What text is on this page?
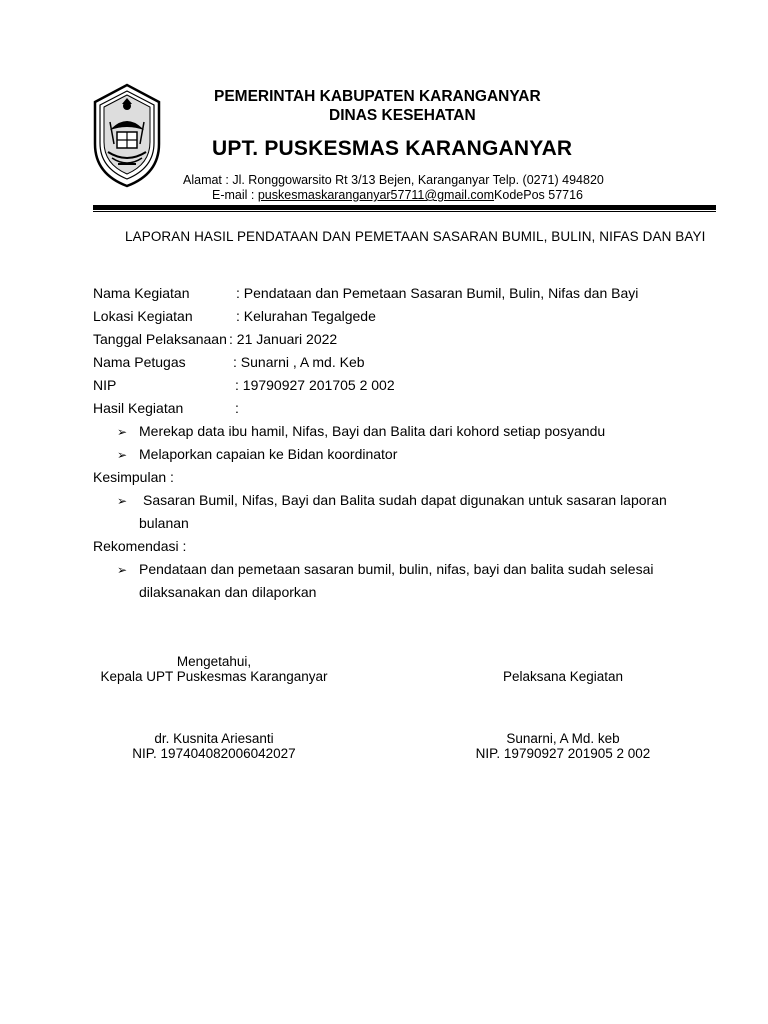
PEMERINTAH KABUPATEN KARANGANYAR
DINAS KESEHATAN
UPT. PUSKESMAS KARANGANYAR
Alamat : Jl. Ronggowarsito Rt 3/13 Bejen, Karanganyar Telp. (0271) 494820
E-mail : puskesmaskaranganyar57711@gmail.comKodePos 57716
LAPORAN HASIL PENDATAAN DAN PEMETAAN SASARAN BUMIL, BULIN, NIFAS DAN BAYI
Nama Kegiatan	: Pendataan dan Pemetaan Sasaran Bumil, Bulin, Nifas dan Bayi
Lokasi Kegiatan	: Kelurahan Tegalgede
Tanggal Pelaksanaan : 21 Januari 2022
Nama Petugas	: Sunarni , A md. Keb
NIP	: 19790927 201705 2 002
Hasil Kegiatan	:
➢ Merekap data ibu hamil, Nifas, Bayi dan Balita dari kohord setiap posyandu
➢ Melaporkan capaian ke Bidan koordinator
Kesimpulan :
➢ Sasaran Bumil, Nifas, Bayi dan Balita sudah dapat digunakan untuk sasaran laporan
bulanan
Rekomendasi :
➢ Pendataan dan pemetaan sasaran bumil, bulin, nifas, bayi dan balita sudah selesai
dilaksanakan dan dilaporkan
Mengetahui,
Kepala UPT Puskesmas Karanganyar
dr. Kusnita Ariesanti
NIP. 197404082006042027
Pelaksana Kegiatan
Sunarni, A Md. keb
NIP. 19790927 201905 2 002
